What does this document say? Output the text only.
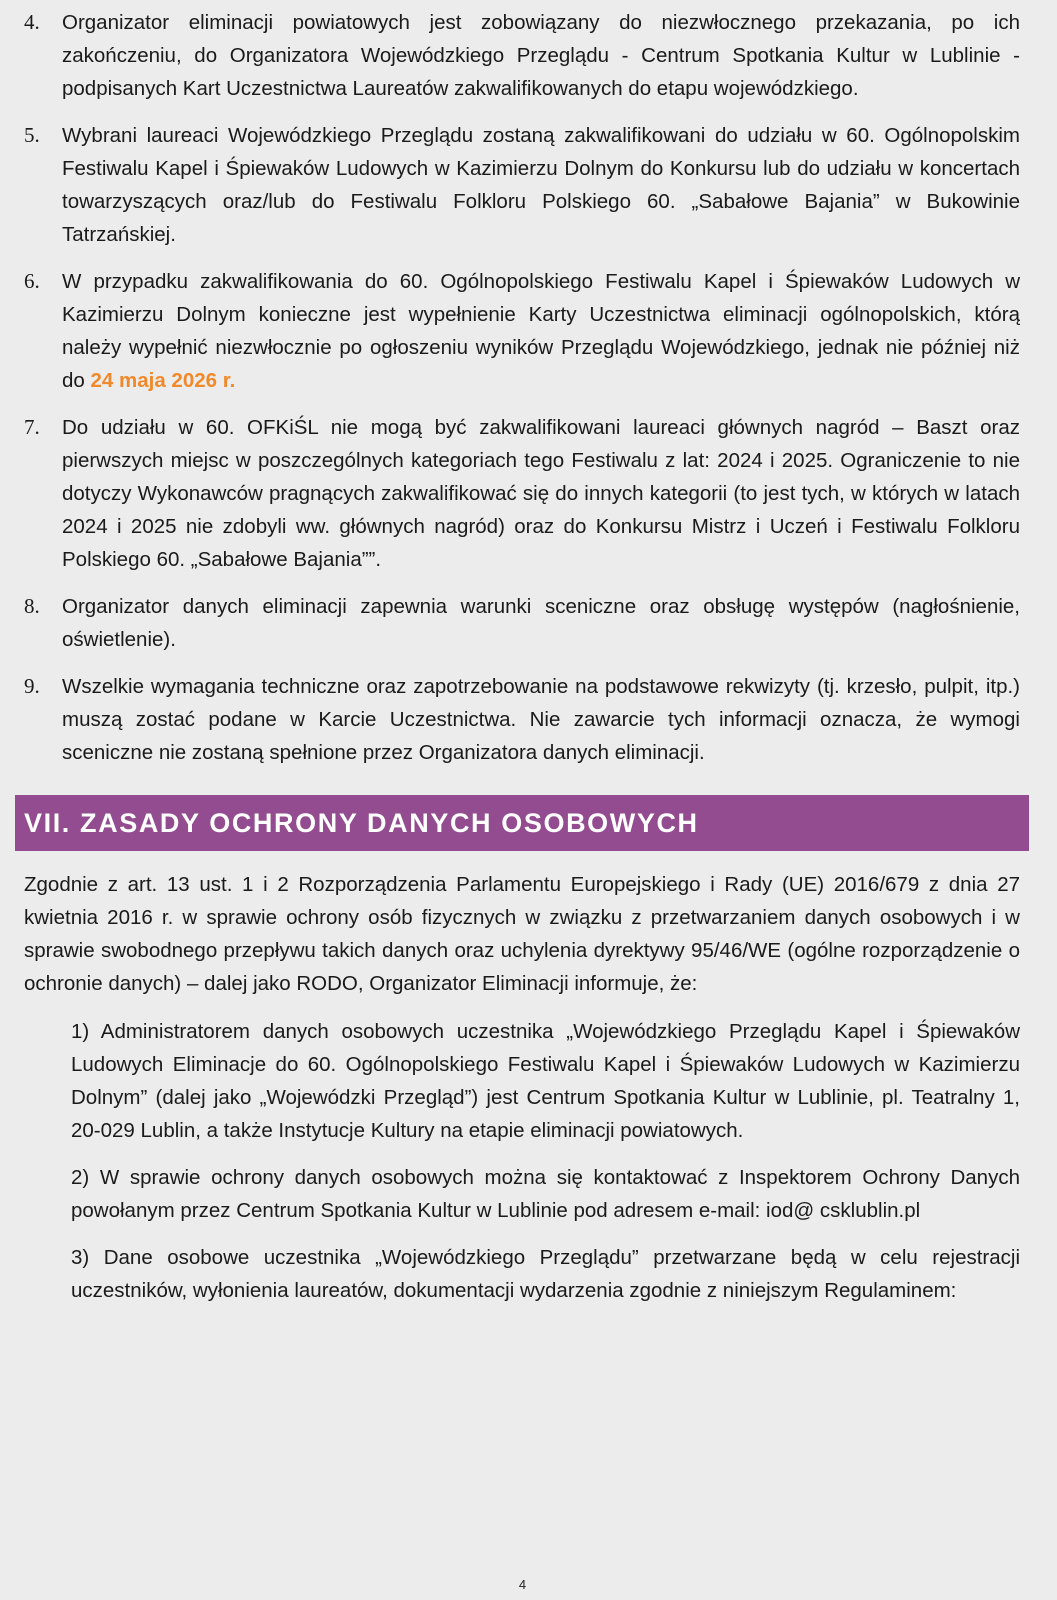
4. Organizator eliminacji powiatowych jest zobowiązany do niezwłocznego przekazania, po ich zakończeniu, do Organizatora Wojewódzkiego Przeglądu - Centrum Spotkania Kultur w Lublinie - podpisanych Kart Uczestnictwa Laureatów zakwalifikowanych do etapu wojewódzkiego.
5. Wybrani laureaci Wojewódzkiego Przeglądu zostaną zakwalifikowani do udziału w 60. Ogólnopolskim Festiwalu Kapel i Śpiewaków Ludowych w Kazimierzu Dolnym do Konkursu lub do udziału w koncertach towarzyszących oraz/lub do Festiwalu Folkloru Polskiego 60. „Sabałowe Bajania” w Bukowinie Tatrzańskiej.
6. W przypadku zakwalifikowania do 60. Ogólnopolskiego Festiwalu Kapel i Śpiewaków Ludowych w Kazimierzu Dolnym konieczne jest wypełnienie Karty Uczestnictwa eliminacji ogólnopolskich, którą należy wypełnić niezwłocznie po ogłoszeniu wyników Przeglądu Wojewódzkiego, jednak nie później niż do 24 maja 2026 r.
7. Do udziału w 60. OFKiŚL nie mogą być zakwalifikowani laureaci głównych nagród – Baszt oraz pierwszych miejsc w poszczególnych kategoriach tego Festiwalu z lat: 2024 i 2025. Ograniczenie to nie dotyczy Wykonawców pragnących zakwalifikować się do innych kategorii (to jest tych, w których w latach 2024 i 2025 nie zdobyli ww. głównych nagród) oraz do Konkursu Mistrz i Uczeń i Festiwalu Folkloru Polskiego 60. „Sabałowe Bajania””.
8. Organizator danych eliminacji zapewnia warunki sceniczne oraz obsługę występów (nagłośnienie, oświetlenie).
9. Wszelkie wymagania techniczne oraz zapotrzebowanie na podstawowe rekwizyty (tj. krzesło, pulpit, itp.) muszą zostać podane w Karcie Uczestnictwa. Nie zawarcie tych informacji oznacza, że wymogi sceniczne nie zostaną spełnione przez Organizatora danych eliminacji.
VII. ZASADY OCHRONY DANYCH OSOBOWYCH

Zgodnie z art. 13 ust. 1 i 2 Rozporządzenia Parlamentu Europejskiego i Rady (UE) 2016/679 z dnia 27 kwietnia 2016 r. w sprawie ochrony osób fizycznych w związku z przetwarzaniem danych osobowych i w sprawie swobodnego przepływu takich danych oraz uchylenia dyrektywy 95/46/WE (ogólne rozporządzenie o ochronie danych) – dalej jako RODO, Organizator Eliminacji informuje, że:

1) Administratorem danych osobowych uczestnika „Wojewódzkiego Przeglądu Kapel i Śpiewaków Ludowych Eliminacje do 60. Ogólnopolskiego Festiwalu Kapel i Śpiewaków Ludowych w Kazimierzu Dolnym” (dalej jako „Wojewódzki Przegląd”) jest Centrum Spotkania Kultur w Lublinie, pl. Teatralny 1, 20-029 Lublin, a także Instytucje Kultury na etapie eliminacji powiatowych.

2) W sprawie ochrony danych osobowych można się kontaktować z Inspektorem Ochrony Danych powołanym przez Centrum Spotkania Kultur w Lublinie pod adresem e-mail: iod@ csklublin.pl

3) Dane osobowe uczestnika „Wojewódzkiego Przeglądu” przetwarzane będą w celu rejestracji uczestników, wyłonienia laureatów, dokumentacji wydarzenia zgodnie z niniejszym Regulaminem:

4
